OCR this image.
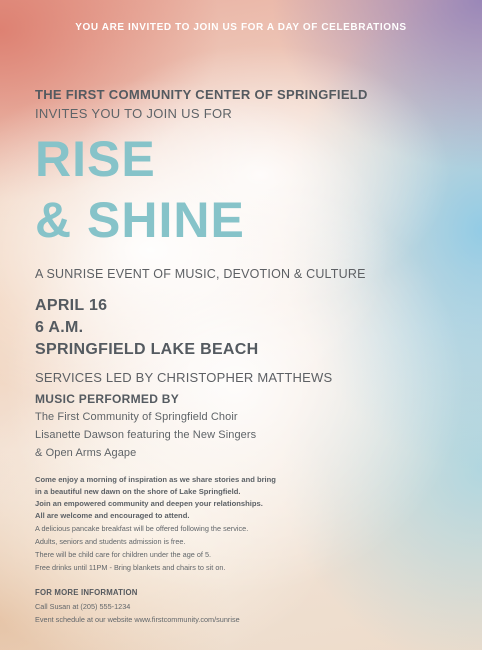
YOU ARE INVITED TO JOIN US FOR A DAY OF CELEBRATIONS

THE FIRST COMMUNITY CENTER OF SPRINGFIELD

INVITES YOU TO JOIN US FOR

RISE

& SHINE

A SUNRISE EVENT OF MUSIC, DEVOTION & CULTURE

APRIL 16

6 A.M.

SPRINGFIELD LAKE BEACH

SERVICES LED BY CHRISTOPHER MATTHEWS

MUSIC PERFORMED BY

The First Community of Springfield Choir

Lisanette Dawson featuring the New Singers

& Open Arms Agape

Come enjoy a morning of inspiration as we share stories and bring

in a beautiful new dawn on the shore of Lake Springfield.

Join an empowered community and deepen your relationships.

All are welcome and encouraged to attend.

A delicious pancake breakfast will be offered following the service.

Adults, seniors and students admission is free.

There will be child care for children under the age of 5.

Free drinks until 11PM - Bring blankets and chairs to sit on.

FOR MORE INFORMATION

Call Susan at (205) 555-1234

Event schedule at our website www.firstcommunity.com/sunrise
